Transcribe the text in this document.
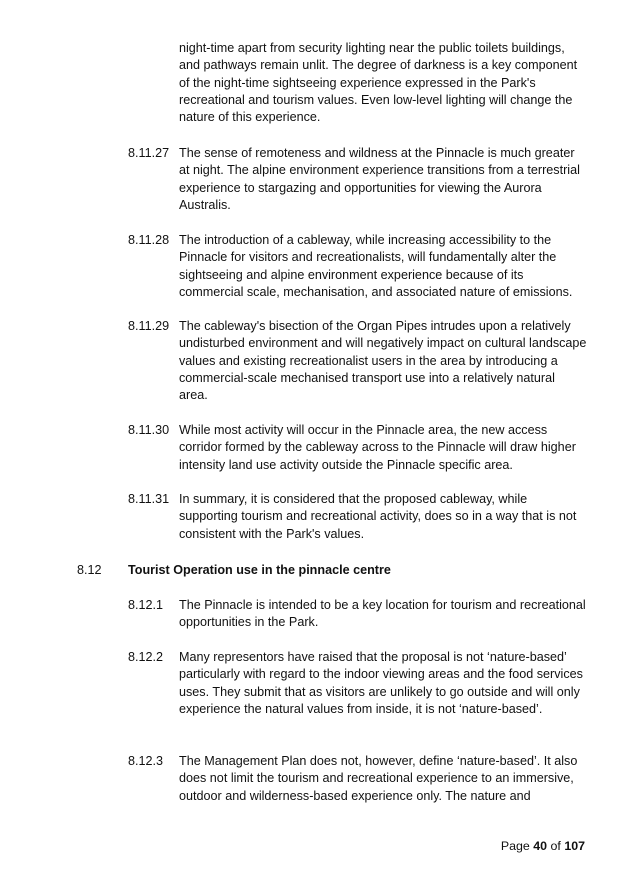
night-time apart from security lighting near the public toilets buildings, and pathways remain unlit. The degree of darkness is a key component of the night-time sightseeing experience expressed in the Park's recreational and tourism values. Even low-level lighting will change the nature of this experience.
8.11.27 The sense of remoteness and wildness at the Pinnacle is much greater at night. The alpine environment experience transitions from a terrestrial experience to stargazing and opportunities for viewing the Aurora Australis.
8.11.28 The introduction of a cableway, while increasing accessibility to the Pinnacle for visitors and recreationalists, will fundamentally alter the sightseeing and alpine environment experience because of its commercial scale, mechanisation, and associated nature of emissions.
8.11.29 The cableway's bisection of the Organ Pipes intrudes upon a relatively undisturbed environment and will negatively impact on cultural landscape values and existing recreationalist users in the area by introducing a commercial-scale mechanised transport use into a relatively natural area.
8.11.30 While most activity will occur in the Pinnacle area, the new access corridor formed by the cableway across to the Pinnacle will draw higher intensity land use activity outside the Pinnacle specific area.
8.11.31 In summary, it is considered that the proposed cableway, while supporting tourism and recreational activity, does so in a way that is not consistent with the Park's values.
8.12 Tourist Operation use in the pinnacle centre
8.12.1	The Pinnacle is intended to be a key location for tourism and recreational opportunities in the Park.
8.12.2	Many representors have raised that the proposal is not ‘nature-based’ particularly with regard to the indoor viewing areas and the food services uses. They submit that as visitors are unlikely to go outside and will only experience the natural values from inside, it is not ‘nature-based’.
8.12.3	The Management Plan does not, however, define ‘nature-based’. It also does not limit the tourism and recreational experience to an immersive, outdoor and wilderness-based experience only. The nature and
Page 40 of 107
